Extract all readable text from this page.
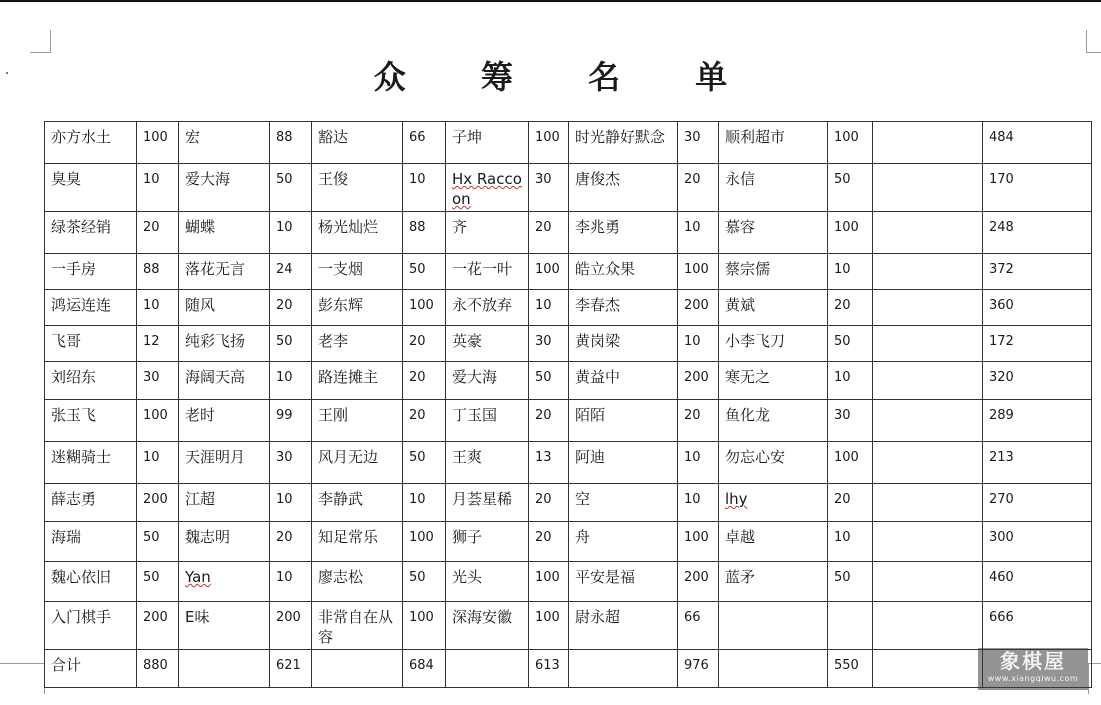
众 筹 名 单
亦方水土	100	宏	88	豁达	66	子坤	100	时光静好默念	30	顺利超市	100		484
臭臭	10	爱大海	50	王俊	10	Hx Raccoon	30	唐俊杰	20	永信	50		170
绿茶经销	20	蝴蝶	10	杨光灿烂	88	齐	20	李兆勇	10	慕容	100		248
一手房	88	落花无言	24	一支烟	50	一花一叶	100	皓立众果	100	蔡宗儒	10		372
鸿运连连	10	随风	20	彭东辉	100	永不放弃	10	李春杰	200	黄斌	20		360
飞哥	12	纯彩飞扬	50	老李	20	英豪	30	黄岗梁	10	小李飞刀	50		172
刘绍东	30	海阔天高	10	路连摊主	20	爱大海	50	黄益中	200	寒无之	10		320
张玉飞	100	老时	99	王刚	20	丁玉国	20	陌陌	20	鱼化龙	30		289
迷糊骑士	10	天涯明月	30	风月无边	50	王爽	13	阿迪	10	勿忘心安	100		213
薛志勇	200	江超	10	李静武	10	月荟星稀	20	空	10	lhy	20		270
海瑞	50	魏志明	20	知足常乐	100	狮子	20	舟	100	卓越	10		300
魏心依旧	50	Yan	10	廖志松	50	光头	100	平安是福	200	蓝矛	50		460
入门棋手	200	E味	200	非常自在从容	100	深海安徽	100	尉永超	66				666
合计	880		621		684		613		976		550			象棋屋
www.xiangqiwu.com
